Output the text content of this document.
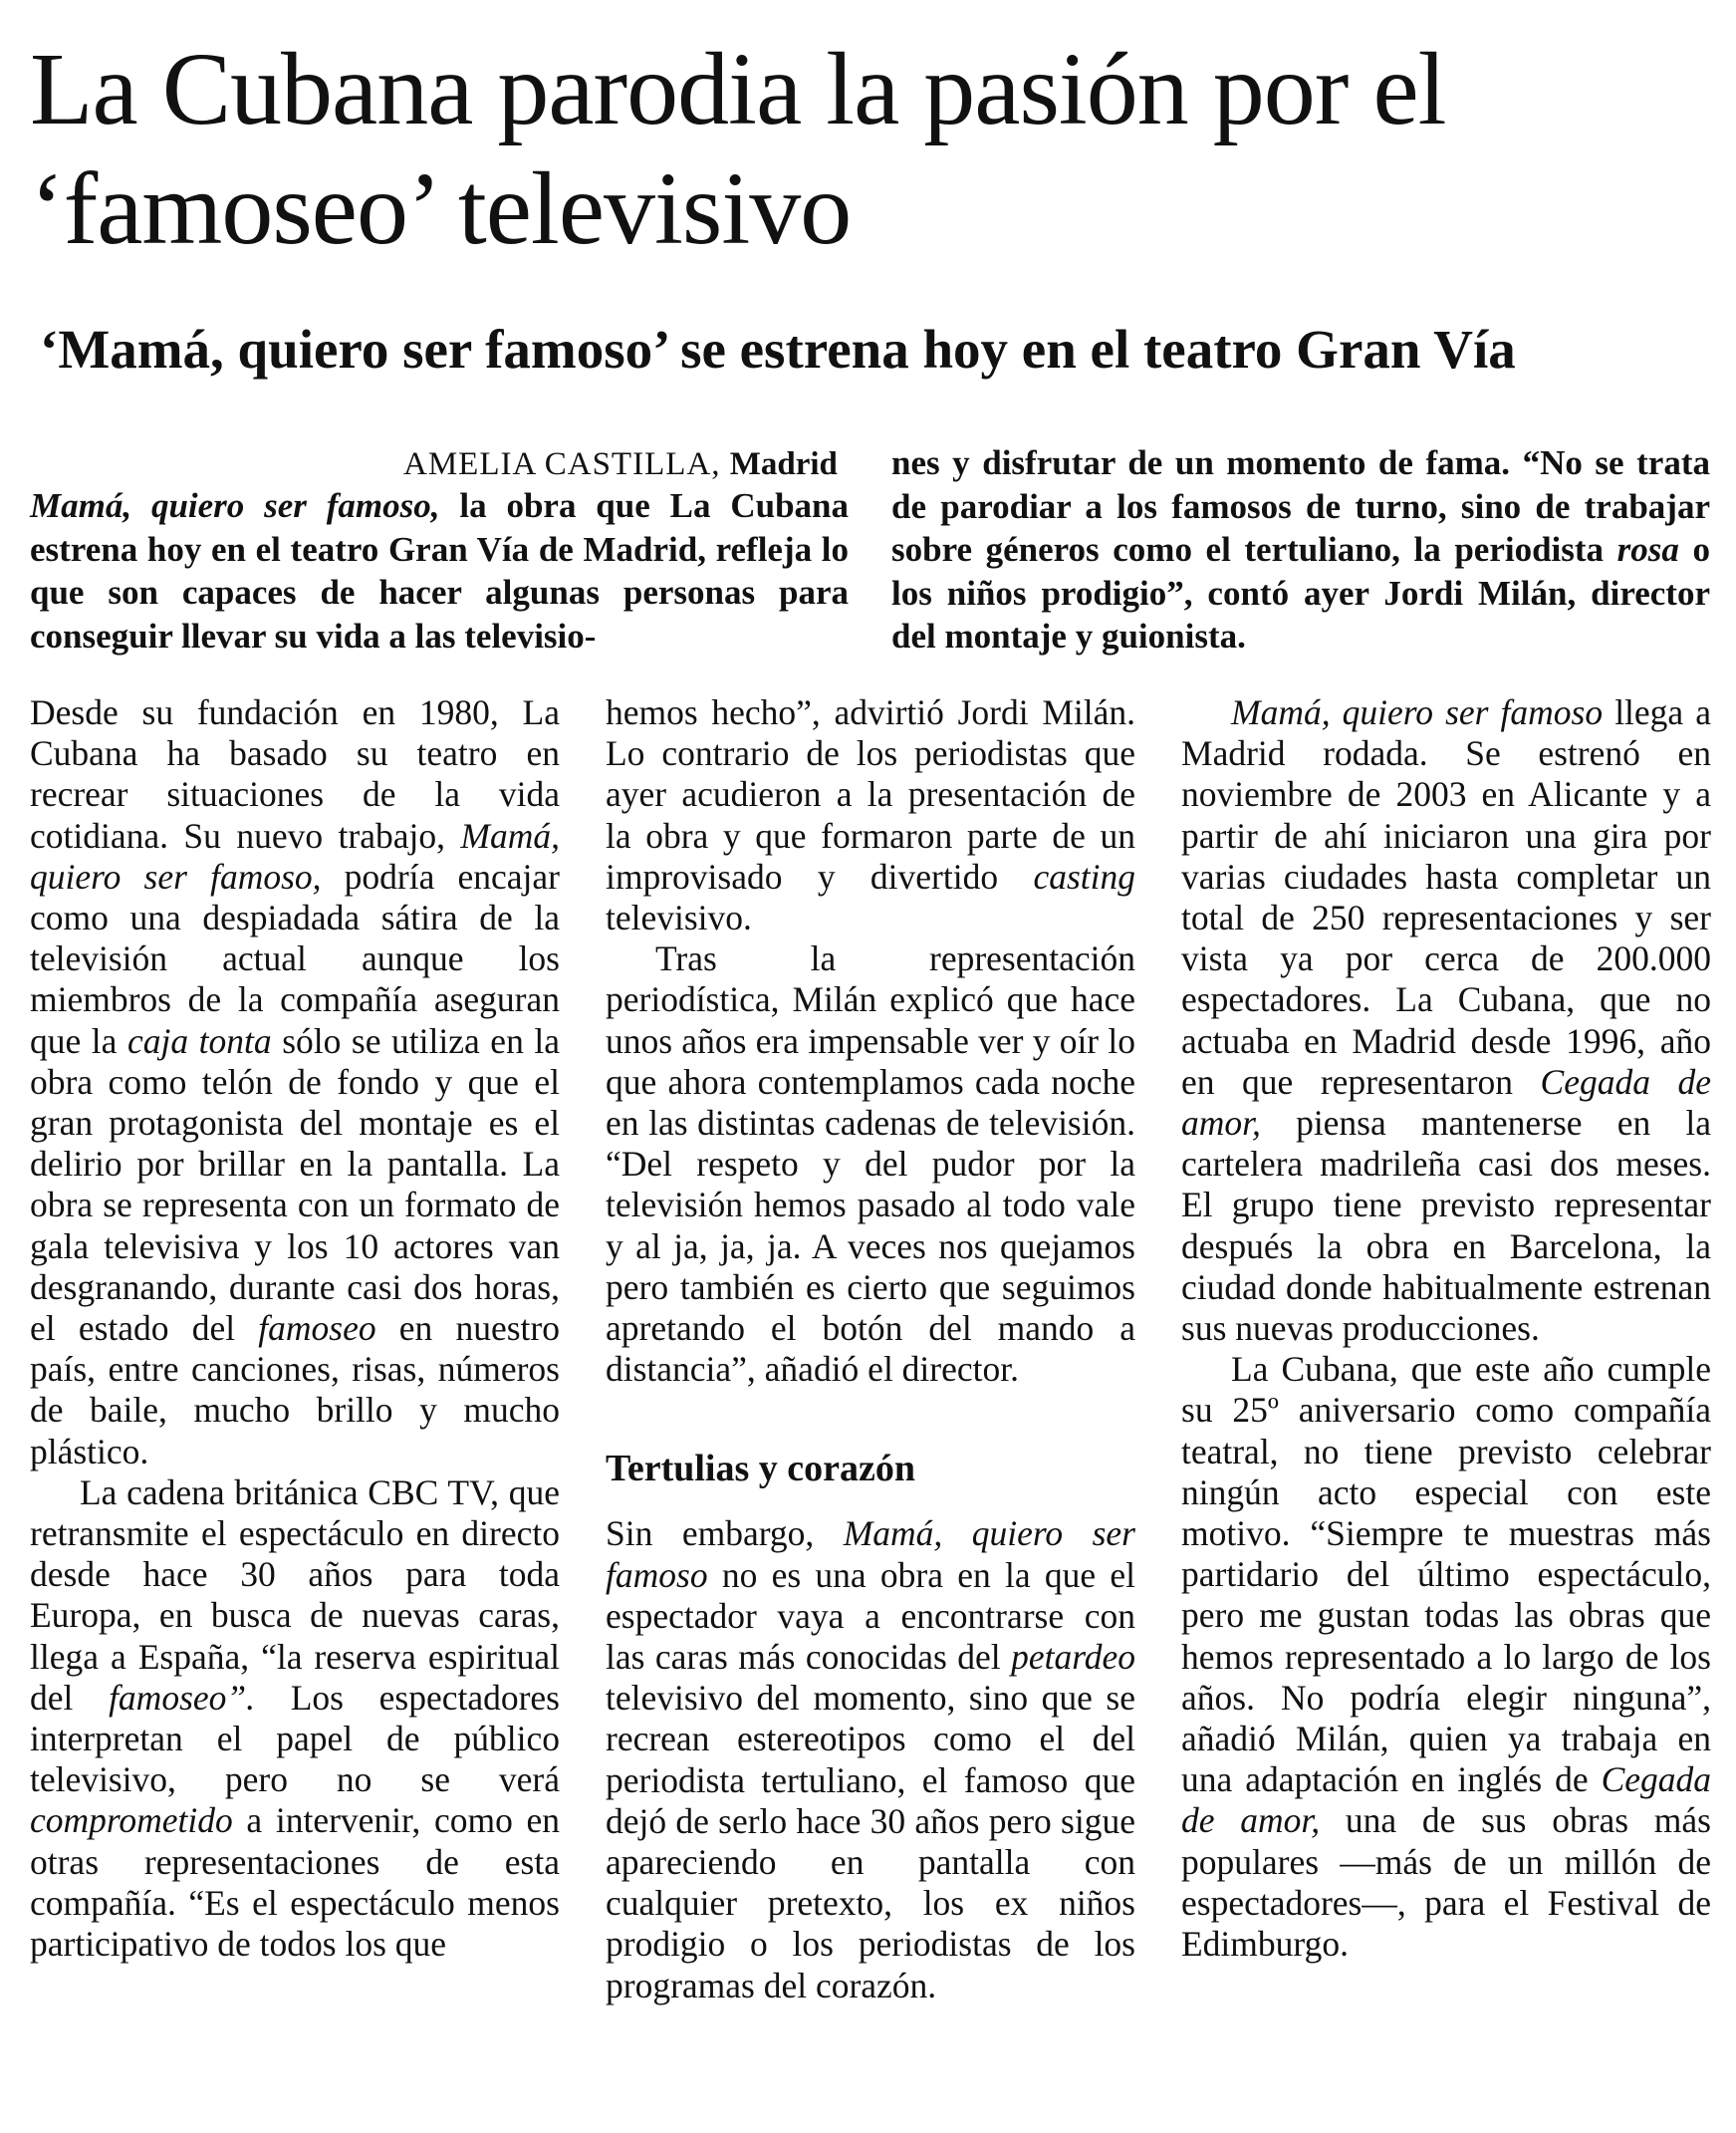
La Cubana parodia la pasión por el ‘famoseo’ televisivo
‘Mamá, quiero ser famoso’ se estrena hoy en el teatro Gran Vía
AMELIA CASTILLA, Madrid

Mamá, quiero ser famoso, la obra que La Cubana estrena hoy en el teatro Gran Vía de Madrid, refleja lo que son capaces de hacer algunas personas para conseguir llevar su vida a las televisio-

nes y disfrutar de un momento de fama. “No se trata de parodiar a los famosos de turno, sino de trabajar sobre géneros como el tertuliano, la periodista rosa o los niños prodigio”, contó ayer Jordi Milán, director del montaje y guionista.

Desde su fundación en 1980, La Cubana ha basado su teatro en recrear situaciones de la vida cotidiana. Su nuevo trabajo, Mamá, quiero ser famoso, podría encajar como una despiadada sátira de la televisión actual aunque los miembros de la compañía aseguran que la caja tonta sólo se utiliza en la obra como telón de fondo y que el gran protagonista del montaje es el delirio por brillar en la pantalla. La obra se representa con un formato de gala televisiva y los 10 actores van desgranando, durante casi dos horas, el estado del famoseo en nuestro país, entre canciones, risas, números de baile, mucho brillo y mucho plástico.

La cadena británica CBC TV, que retransmite el espectáculo en directo desde hace 30 años para toda Europa, en busca de nuevas caras, llega a España, “la reserva espiritual del famoseo”. Los espectadores interpretan el papel de público televisivo, pero no se verá comprometido a intervenir, como en otras representaciones de esta compañía. “Es el espectáculo menos participativo de todos los que

hemos hecho”, advirtió Jordi Milán. Lo contrario de los periodistas que ayer acudieron a la presentación de la obra y que formaron parte de un improvisado y divertido casting televisivo.

Tras la representación periodística, Milán explicó que hace unos años era impensable ver y oír lo que ahora contemplamos cada noche en las distintas cadenas de televisión. “Del respeto y del pudor por la televisión hemos pasado al todo vale y al ja, ja, ja. A veces nos quejamos pero también es cierto que seguimos apretando el botón del mando a distancia”, añadió el director.

Tertulias y corazón

Sin embargo, Mamá, quiero ser famoso no es una obra en la que el espectador vaya a encontrarse con las caras más conocidas del petardeo televisivo del momento, sino que se recrean estereotipos como el del periodista tertuliano, el famoso que dejó de serlo hace 30 años pero sigue apareciendo en pantalla con cualquier pretexto, los ex niños prodigio o los periodistas de los programas del corazón.

Mamá, quiero ser famoso llega a Madrid rodada. Se estrenó en noviembre de 2003 en Alicante y a partir de ahí iniciaron una gira por varias ciudades hasta completar un total de 250 representaciones y ser vista ya por cerca de 200.000 espectadores. La Cubana, que no actuaba en Madrid desde 1996, año en que representaron Cegada de amor, piensa mantenerse en la cartelera madrileña casi dos meses. El grupo tiene previsto representar después la obra en Barcelona, la ciudad donde habitualmente estrenan sus nuevas producciones.

La Cubana, que este año cumple su 25º aniversario como compañía teatral, no tiene previsto celebrar ningún acto especial con este motivo. “Siempre te muestras más partidario del último espectáculo, pero me gustan todas las obras que hemos representado a lo largo de los años. No podría elegir ninguna”, añadió Milán, quien ya trabaja en una adaptación en inglés de Cegada de amor, una de sus obras más populares —más de un millón de espectadores—, para el Festival de Edimburgo.
